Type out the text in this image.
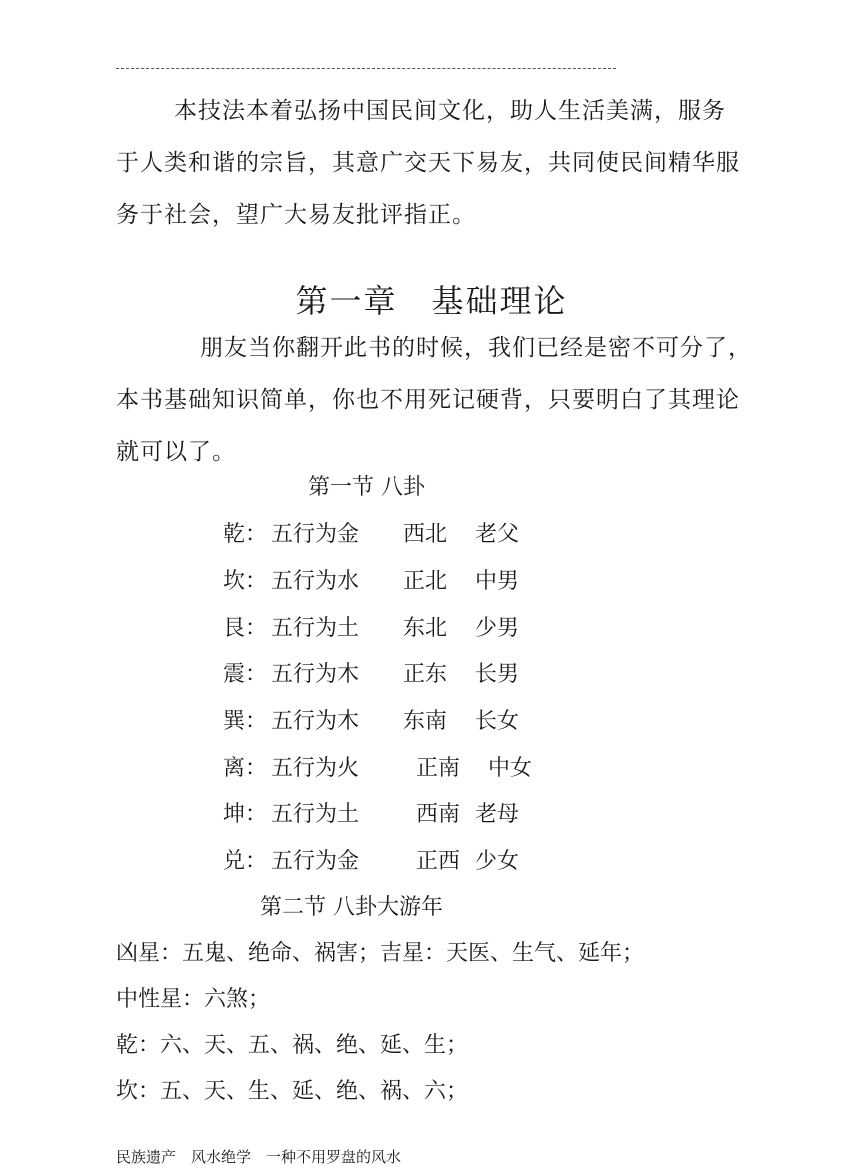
本技法本着弘扬中国民间文化，助人生活美满，服务
于人类和谐的宗旨，其意广交天下易友，共同使民间精华服
务于社会，望广大易友批评指正。
第一章　基础理论
朋友当你翻开此书的时候，我们已经是密不可分了，
本书基础知识简单，你也不用死记硬背，只要明白了其理论
就可以了。
第一节 八卦
乾： 五行为金 西北 老父
坎： 五行为水 正北 中男
艮： 五行为土 东北 少男
震： 五行为木 正东 长男
巽： 五行为木 东南 长女
离： 五行为火	正南 中女
坤： 五行为土	西南 老母
兑： 五行为金	正西 少女
第二节 八卦大游年
凶星：五鬼、绝命、祸害；吉星：天医、生气、延年；
中性星：六煞；
乾：六、天、五、祸、绝、延、生；
坎：五、天、生、延、绝、祸、六；
民族遗产　风水绝学　一种不用罗盘的风水
